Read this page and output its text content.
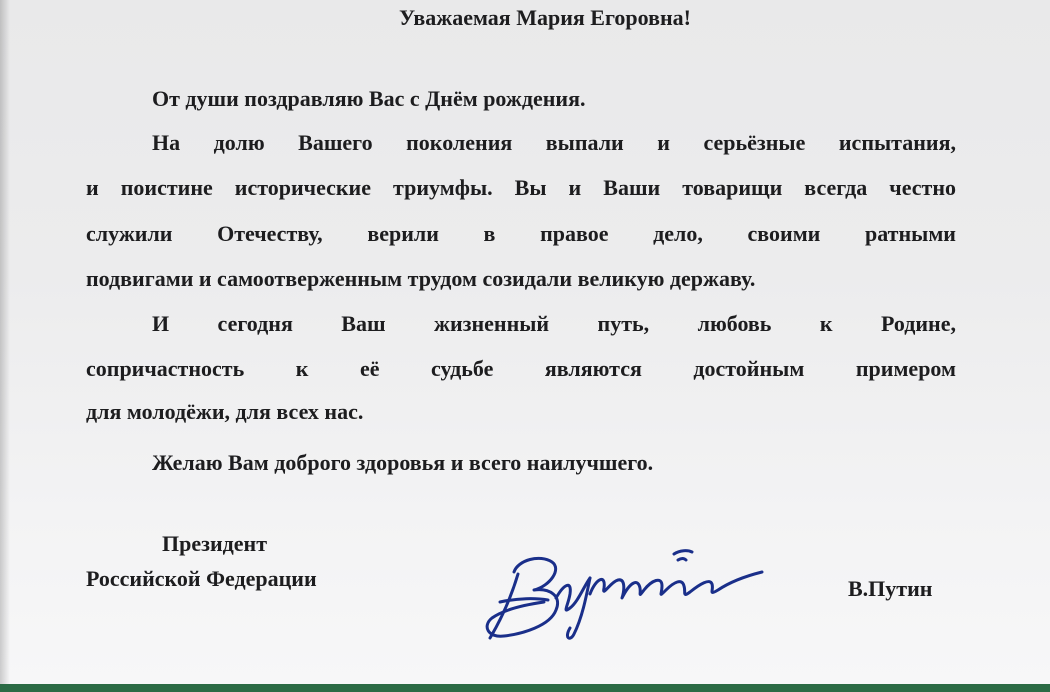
Уважаемая Мария Егоровна!
От души поздравляю Вас с Днём рождения.
На долю Вашего поколения выпали и серьёзные испытания,
и поистине исторические триумфы. Вы и Ваши товарищи всегда честно
служили Отечеству, верили в правое дело, своими ратными
подвигами и самоотверженным трудом созидали великую державу.
И сегодня Ваш жизненный путь, любовь к Родине,
сопричастность к её судьбе являются достойным примером
для молодёжи, для всех нас.
Желаю Вам доброго здоровья и всего наилучшего.
Президент
Российской Федерации	В.Путин
